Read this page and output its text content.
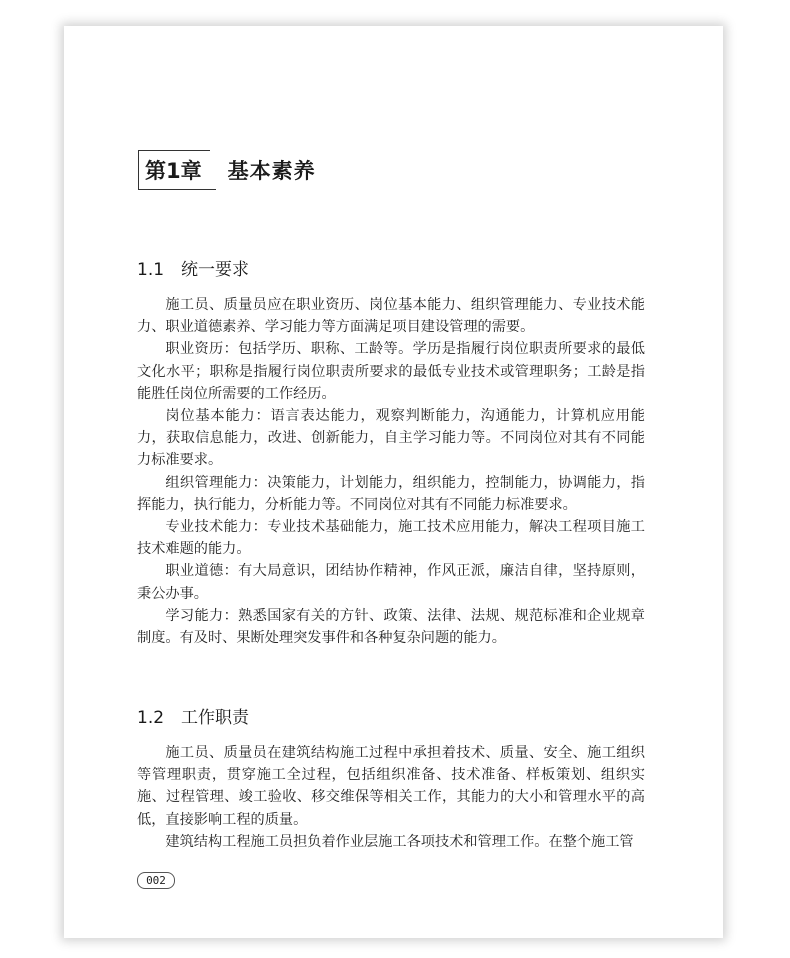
第1章 基本素养
1.1 统一要求

施工员、质量员应在职业资历、岗位基本能力、组织管理能力、专业技术能力、职业道德素养、学习能力等方面满足项目建设管理的需要。

职业资历：包括学历、职称、工龄等。学历是指履行岗位职责所要求的最低文化水平；职称是指履行岗位职责所要求的最低专业技术或管理职务；工龄是指能胜任岗位所需要的工作经历。

岗位基本能力：语言表达能力，观察判断能力，沟通能力，计算机应用能力，获取信息能力，改进、创新能力，自主学习能力等。不同岗位对其有不同能力标准要求。

组织管理能力：决策能力，计划能力，组织能力，控制能力，协调能力，指挥能力，执行能力，分析能力等。不同岗位对其有不同能力标准要求。

专业技术能力：专业技术基础能力，施工技术应用能力，解决工程项目施工技术难题的能力。

职业道德：有大局意识，团结协作精神，作风正派，廉洁自律，坚持原则，秉公办事。

学习能力：熟悉国家有关的方针、政策、法律、法规、规范标准和企业规章制度。有及时、果断处理突发事件和各种复杂问题的能力。

1.2 工作职责

施工员、质量员在建筑结构施工过程中承担着技术、质量、安全、施工组织等管理职责，贯穿施工全过程，包括组织准备、技术准备、样板策划、组织实施、过程管理、竣工验收、移交维保等相关工作，其能力的大小和管理水平的高低，直接影响工程的质量。

建筑结构工程施工员担负着作业层施工各项技术和管理工作。在整个施工管

002
